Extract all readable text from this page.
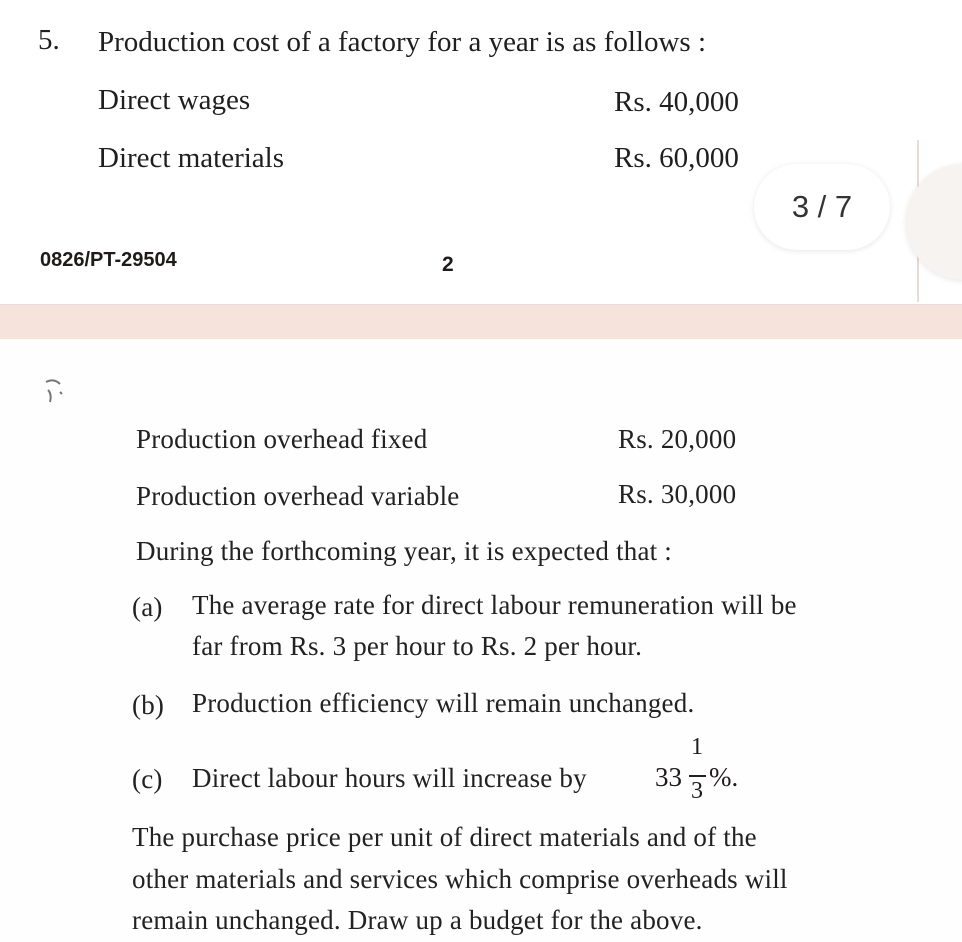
5. Production cost of a factory for a year is as follows :
Direct wages	Rs. 40,000
Direct materials	Rs. 60,000
0826/PT-29504	2
Production overhead fixed	Rs. 20,000
Production overhead variable	Rs. 30,000
During the forthcoming year, it is expected that :
(a) The average rate for direct labour remuneration will be
far from Rs. 3 per hour to Rs. 2 per hour.
(b) Production efficiency will remain unchanged.
(c) Direct labour hours will increase by	33
1
3 %.
The purchase price per unit of direct materials and of the
other materials and services which comprise overheads will
remain unchanged. Draw up a budget for the above.
3 / 7
